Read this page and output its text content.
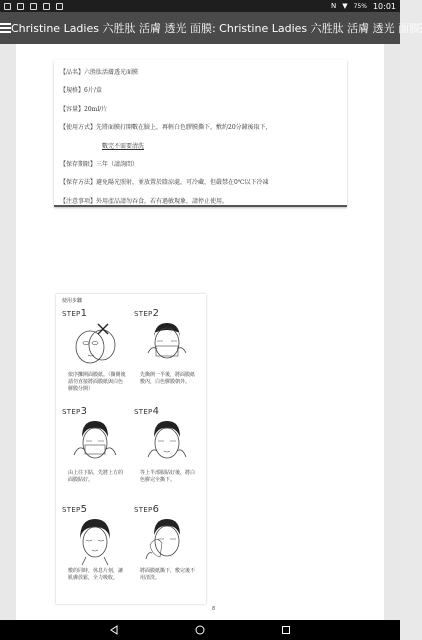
N ▼ 75% 10:01
Christine Ladies 六胜肽 活膚 透光 面膜: Christine Ladies 六胜肽 活膚 透光 面膜
【品名】六胜肽活膚透光面膜
【規格】6片/盒
【容量】20ml/片
【使用方式】先將面膜打開數在臉上，再輕白色膠膜撕下，敷約20分鐘後取下，
數完不需要清洗
【保存期限】三年（請詢問）
【保存方法】避免陽光照射，並放置於陰涼處，可冷藏，但嚴禁在0℃以下冷凍
【注意事項】外用產品請勿吞食，若有過敏現象，請停止使用。
使用步驟
STEP1
依序攤開面膜紙。（撕開後請勿直接將面膜紙與白色膠膜分開）
STEP2
先撕開一半後，將面膜紙敷內，白色膠膜朝外。
STEP3
由上往下貼，先將上方的面膜貼好。
STEP4
等上半部服貼好後，將白色膠完全撕下。
STEP5
敷的同時，休息片刻，讓肌膚放鬆，全力吸收。
STEP6
將面膜紙撕下，敷完後不用清洗。
8
